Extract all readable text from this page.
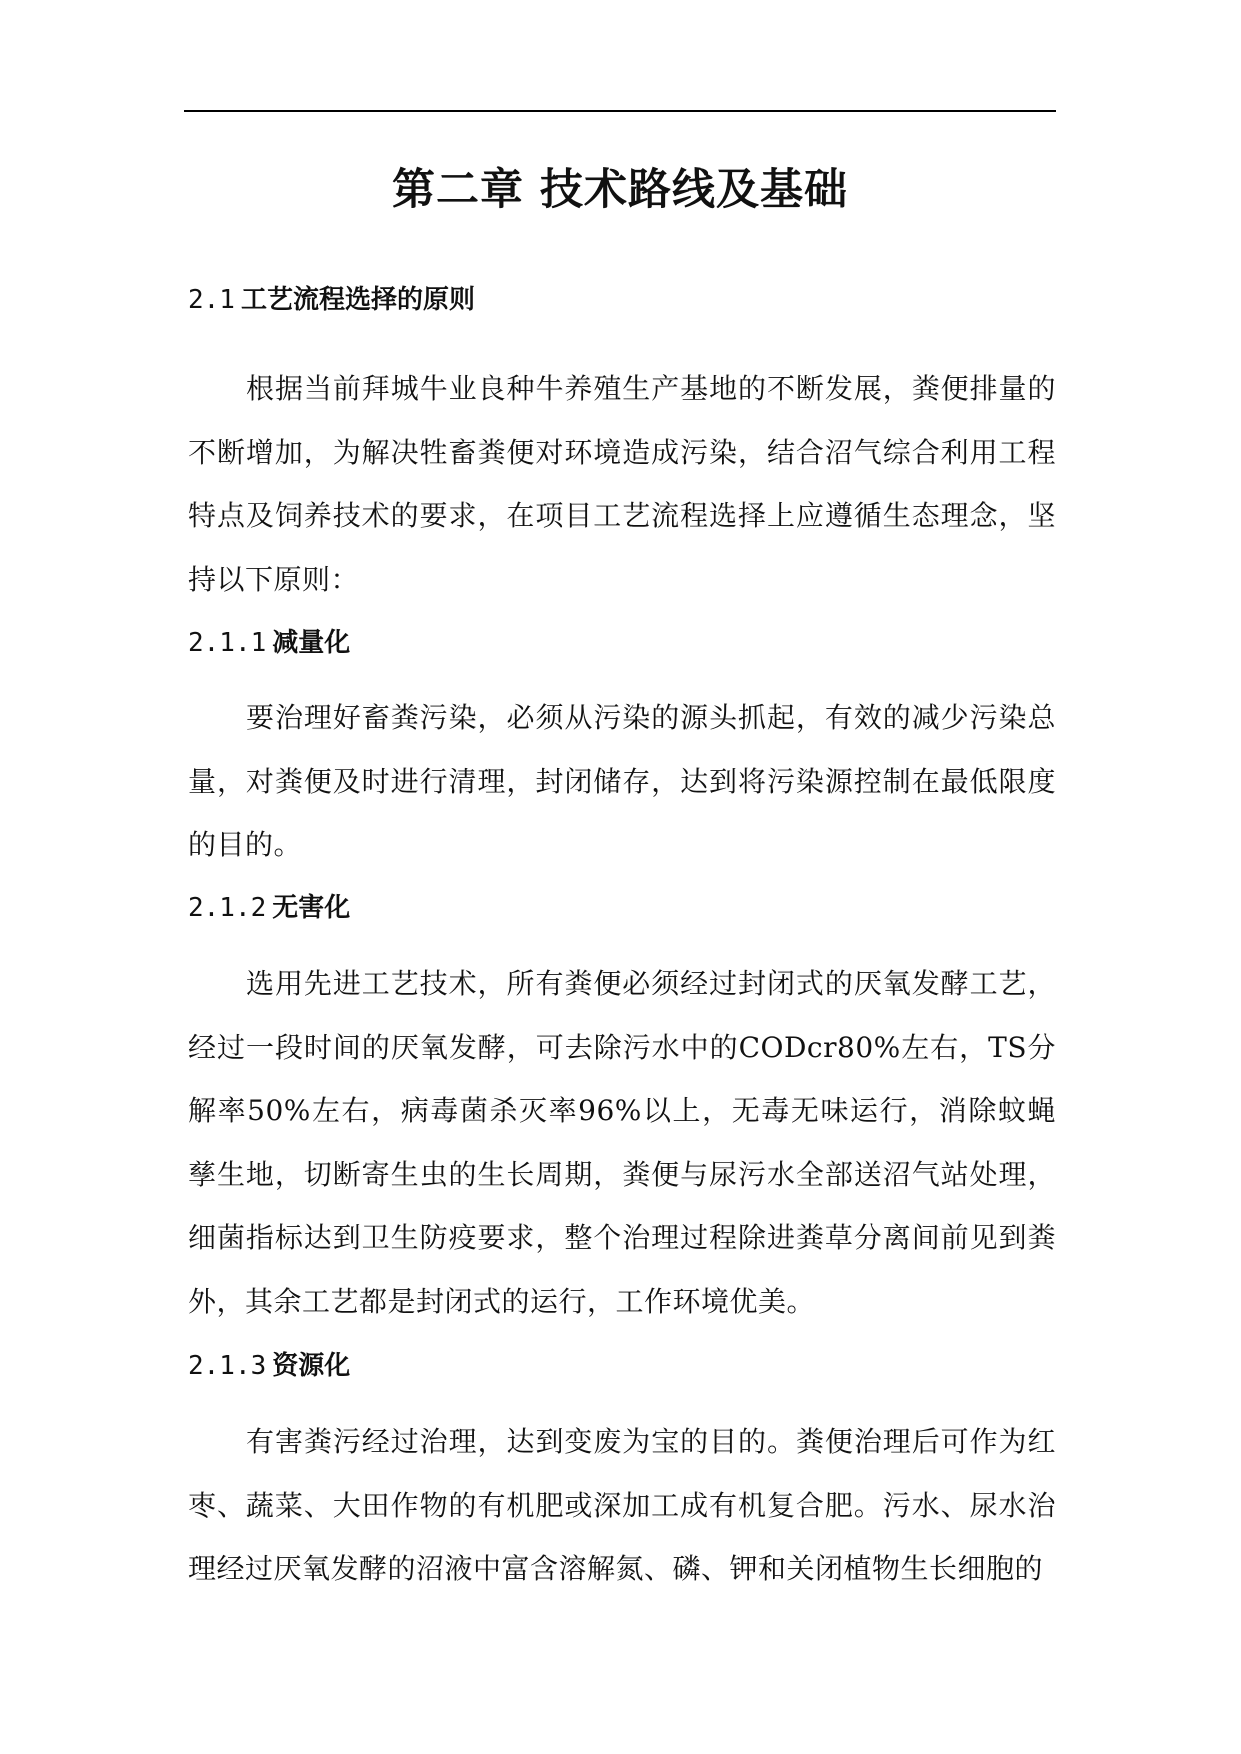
第二章 技术路线及基础
2.1 工艺流程选择的原则

根据当前拜城牛业良种牛养殖生产基地的不断发展，粪便排量的不断增加，为解决牲畜粪便对环境造成污染，结合沼气综合利用工程特点及饲养技术的要求，在项目工艺流程选择上应遵循生态理念，坚持以下原则：

2.1.1 减量化

要治理好畜粪污染，必须从污染的源头抓起，有效的减少污染总量，对粪便及时进行清理，封闭储存，达到将污染源控制在最低限度的目的。

2.1.2 无害化

选用先进工艺技术，所有粪便必须经过封闭式的厌氧发酵工艺，经过一段时间的厌氧发酵，可去除污水中的CODcr80%左右，TS分解率50%左右，病毒菌杀灭率96%以上，无毒无味运行，消除蚊蝇孳生地，切断寄生虫的生长周期，粪便与尿污水全部送沼气站处理，细菌指标达到卫生防疫要求，整个治理过程除进粪草分离间前见到粪外，其余工艺都是封闭式的运行，工作环境优美。

2.1.3 资源化

有害粪污经过治理，达到变废为宝的目的。粪便治理后可作为红枣、蔬菜、大田作物的有机肥或深加工成有机复合肥。污水、尿水治理经过厌氧发酵的沼液中富含溶解氮、磷、钾和关闭植物生长细胞的
